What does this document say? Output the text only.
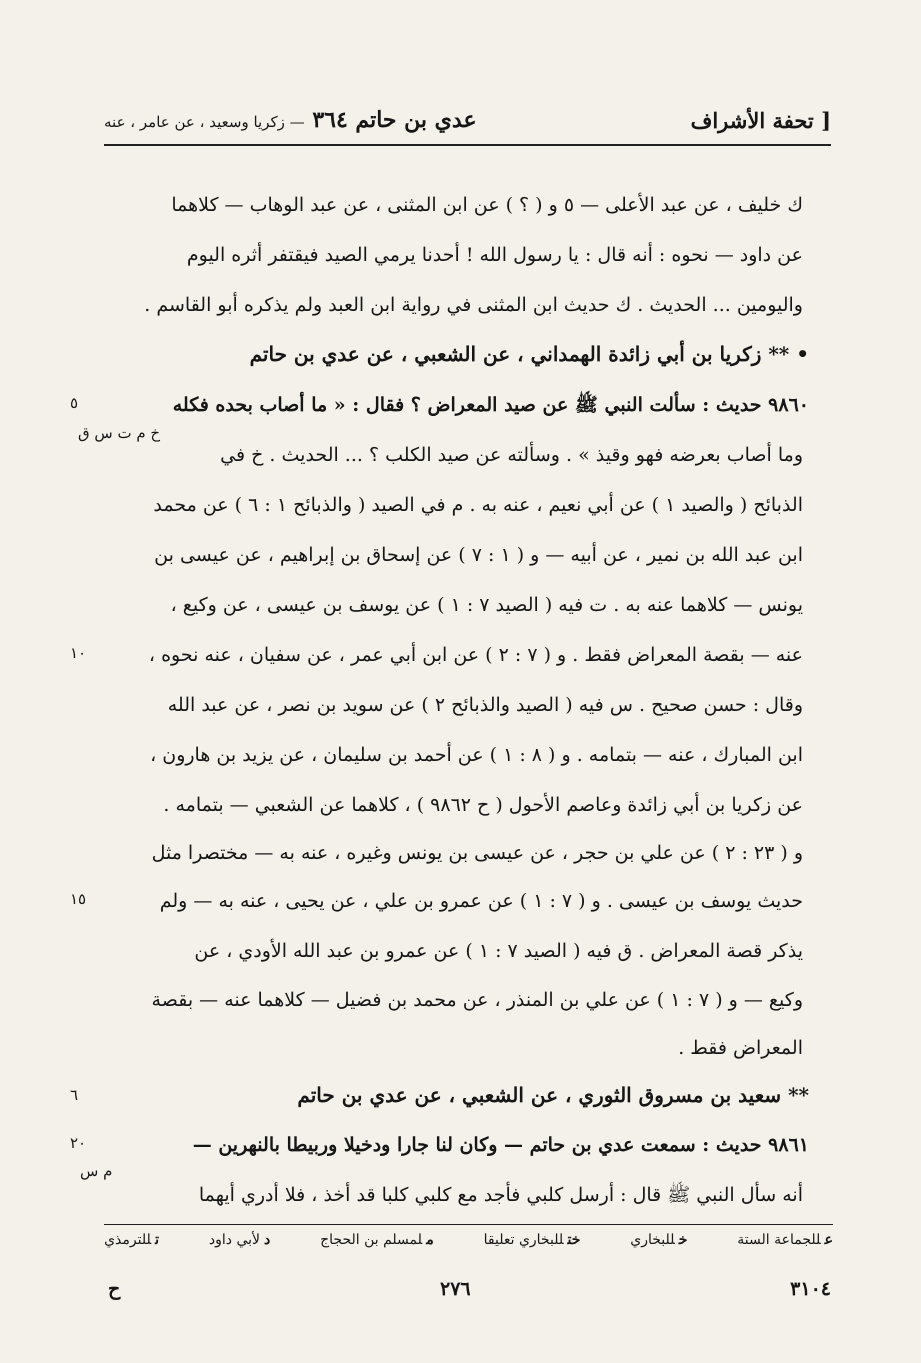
عدي بن حاتم ٣٦٤ — زكريا وسعيد ، عن عامر ، عنه	[ تحفة الأشراف
ك خليف ، عن عبد الأعلى — ٥ و ( ؟ ) عن ابن المثنى ، عن عبد الوهاب — كلاهما
عن داود — نحوه : أنه قال : يا رسول الله ! أحدنا يرمي الصيد فيقتفر أثره اليوم
واليومين ... الحديث . ك حديث ابن المثنى في رواية ابن العبد ولم يذكره أبو القاسم .
• ** زكريا بن أبي زائدة الهمداني ، عن الشعبي ، عن عدي بن حاتم
٩٨٦٠ حديث : سألت النبي ﷺ عن صيد المعراض ؟ فقال : « ما أصاب بحده فكله
وما أصاب بعرضه فهو وقيذ » . وسألته عن صيد الكلب ؟ ... الحديث . خ في
الذبائح ( والصيد ١ ) عن أبي نعيم ، عنه به . م في الصيد ( والذبائح ١ : ٦ ) عن محمد
ابن عبد الله بن نمير ، عن أبيه — و ( ١ : ٧ ) عن إسحاق بن إبراهيم ، عن عيسى بن
يونس — كلاهما عنه به . ت فيه ( الصيد ٧ : ١ ) عن يوسف بن عيسى ، عن وكيع ،
عنه — بقصة المعراض فقط . و ( ٧ : ٢ ) عن ابن أبي عمر ، عن سفيان ، عنه نحوه ،
وقال : حسن صحيح . س فيه ( الصيد والذبائح ٢ ) عن سويد بن نصر ، عن عبد الله
ابن المبارك ، عنه — بتمامه . و ( ٨ : ١ ) عن أحمد بن سليمان ، عن يزيد بن هارون ،
عن زكريا بن أبي زائدة وعاصم الأحول ( ح ٩٨٦٢ ) ، كلاهما عن الشعبي — بتمامه .
و ( ٢٣ : ٢ ) عن علي بن حجر ، عن عيسى بن يونس وغيره ، عنه به — مختصرا مثل
حديث يوسف بن عيسى . و ( ٧ : ١ ) عن عمرو بن علي ، عن يحيى ، عنه به — ولم
يذكر قصة المعراض . ق فيه ( الصيد ٧ : ١ ) عن عمرو بن عبد الله الأودي ، عن
وكيع — و ( ٧ : ١ ) عن علي بن المنذر ، عن محمد بن فضيل — كلاهما عنه — بقصة
المعراض فقط .
** سعيد بن مسروق الثوري ، عن الشعبي ، عن عدي بن حاتم
٩٨٦١ حديث : سمعت عدي بن حاتم — وكان لنا جارا ودخيلا وربيطا بالنهرين —
أنه سأل النبي ﷺ قال : أرسل كلبي فأجد مع كلبي كلبا قد أخذ ، فلا أدري أيهما
٥
خ م ت س ق
١٠
١٥
٦
٢٠
م س
عللجماعة الستة
خللبخاري
ختللبخاري تعليقا
ملمسلم بن الحجاج
دلأبي داود
تللترمذي
٣١٠٤
٢٧٦
ح
